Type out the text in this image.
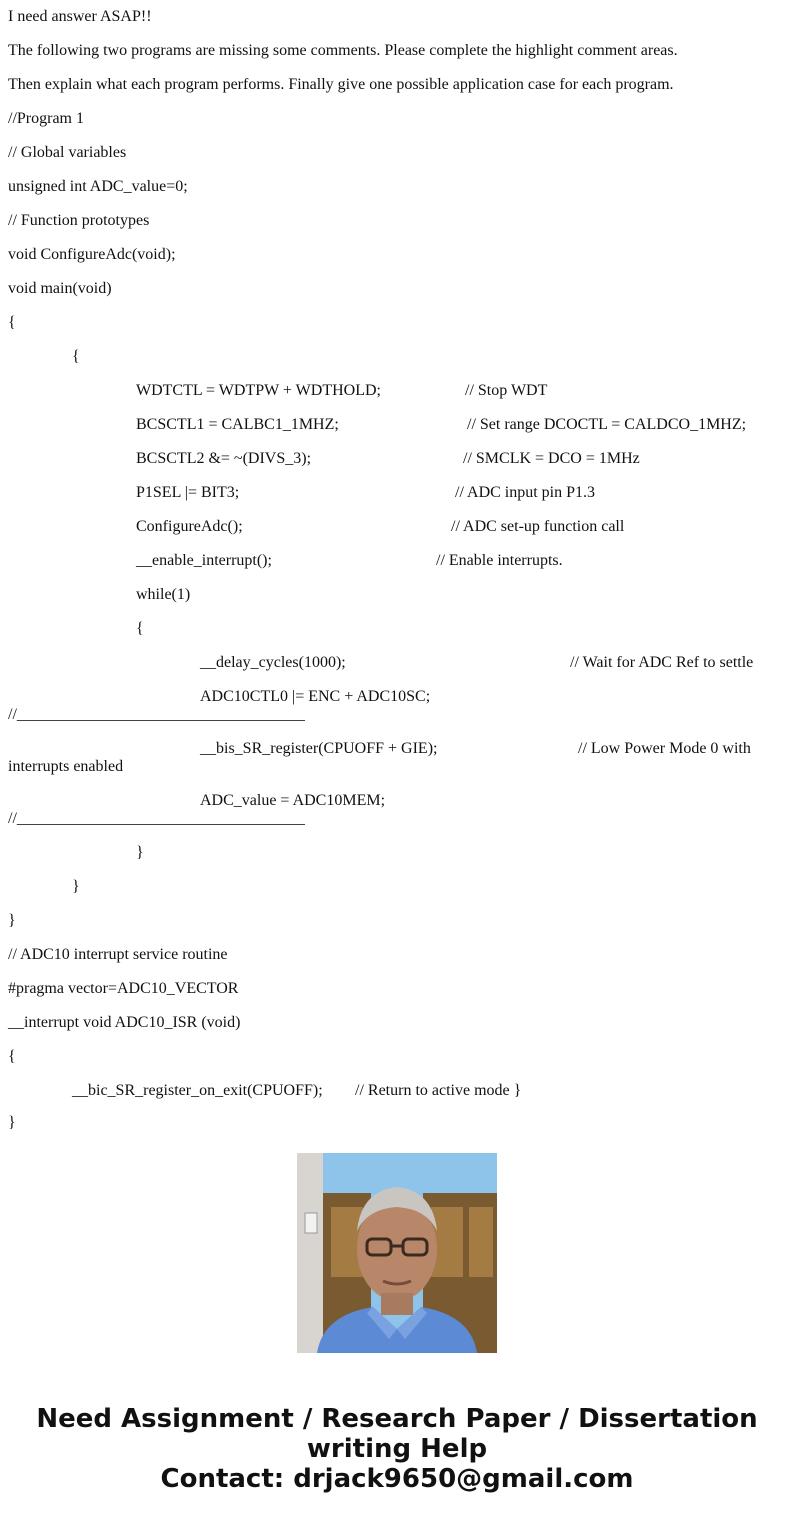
I need answer ASAP!!
The following two programs are missing some comments. Please complete the highlight comment areas.
Then explain what each program performs. Finally give one possible application case for each program.
//Program 1
// Global variables
unsigned int ADC_value=0;
// Function prototypes
void ConfigureAdc(void);
void main(void)
{
{
WDTCTL = WDTPW + WDTHOLD;	// Stop WDT
BCSCTL1 = CALBC1_1MHZ;	// Set range DCOCTL = CALDCO_1MHZ;
BCSCTL2 &= ~(DIVS_3);	// SMCLK = DCO = 1MHz
P1SEL |= BIT3;	// ADC input pin P1.3
ConfigureAdc();	// ADC set-up function call
__enable_interrupt();	// Enable interrupts.
while(1)
{
__delay_cycles(1000);	// Wait for ADC Ref to settle
ADC10CTL0 |= ENC + ADC10SC;
//____________________________________
__bis_SR_register(CPUOFF + GIE);	// Low Power Mode 0 with
interrupts enabled
ADC_value = ADC10MEM;
//____________________________________
}
}
}
// ADC10 interrupt service routine
#pragma vector=ADC10_VECTOR
__interrupt void ADC10_ISR (void)
{
__bic_SR_register_on_exit(CPUOFF); // Return to active mode }
}
Need Assignment / Research Paper / Dissertation
writing Help
Contact: drjack9650@gmail.com
